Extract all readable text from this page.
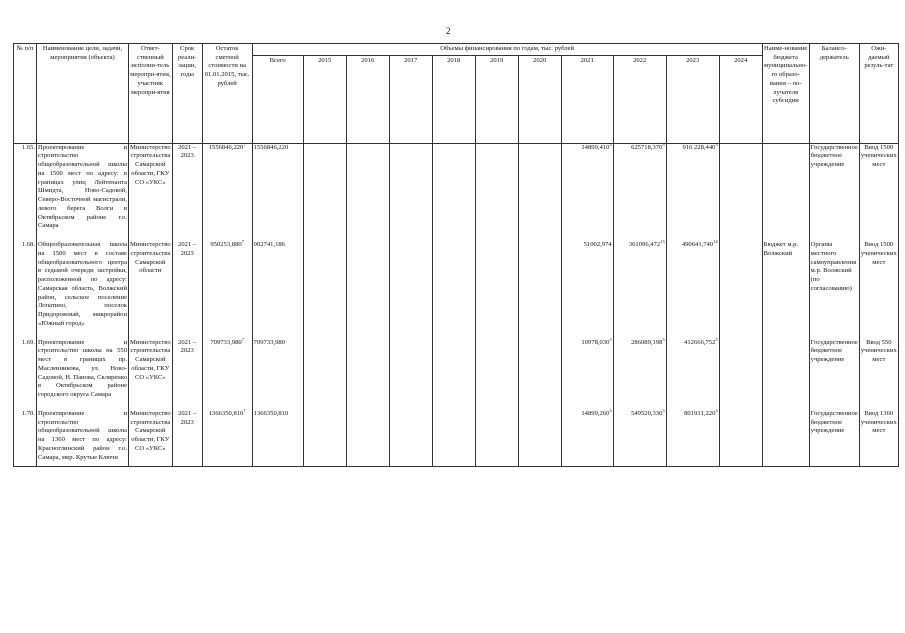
2
№ п/п	Наименование цели, задачи, мероприятия (объекта)	Ответ-ственный исполни-тель меропри-ятия, участник меропри-ятия	Срок реали-зации, годы	Остаток сметной стоимости на 01.01.2015, тыс. рублей	Объемы финансирования по годам, тыс. рублей											Наиме-нование бюджета муниципально-го образо-вания – по-лучателя субсидии	Балансо-держатель	Ожи-даемый резуль-тат
					Всего	2015	2016	2017	2018	2019	2020	2021	2022	2023	2024			
1.65.	Проектирование и строительство общеобразовательной школы на 1500 мест по адресу: в границах улиц Лейтенанта Шмидта, Ново-Садовой, Северо-Восточной магистрали, левого берега Волги в Октябрьском районе г.о. Самара	Министерство строительства Самарской области, ГКУ СО «УКС»	2021 – 2023	1556846,220$^7$	1556846,220							14899,410$^3$	625718,370$^3$	916 228,440$^3$			Государственное бюджетное учреждение	Ввод 1500 ученических мест

1.68.	Общеобразовательная школа на 1500 мест в составе общеобразовательного центра в седьмой очереди застройки, расположенной по адресу: Самарская область, Волжский район, сельское поселение Лопатино, поселок Придорожный, микрорайон «Южный город»	Министерство строительства Самарской области	2021 – 2023	950253,880$^7$	902741,186							51002,974	361096,472$^{13}$	490641,740$^{14}$		Бюджет м.р. Волжский	Органы местного самоуправления м.р. Волжский (по согласованию)	Ввод 1500 ученических мест

1.69.	Проектирование и строительство школы на 550 мест в границах пр. Масленникова, ул. Ново-Садовой, Н. Панова, Скляренко в Октябрьском районе городского округа Самара	Министерство строительства Самарской области, ГКУ СО «УКС»	2021 – 2023	709733,980$^7$	709733,980							10978,030$^3$	286089,198$^3$	412666,752$^3$			Государственное бюджетное учреждение	Ввод 550 ученических мест

1.70.	Проектирование и строительство общеобразовательной школы на 1360 мест по адресу: Красноглинский район г.о. Самара, мкр. Крутые Ключи	Министерство строительства Самарской области, ГКУ СО «УКС»	2021 – 2023	1366350,810$^7$	1366350,810							14899,260$^3$	549520,330$^3$	801931,220$^3$			Государственное бюджетное учреждение	Ввод 1360 ученических мест
